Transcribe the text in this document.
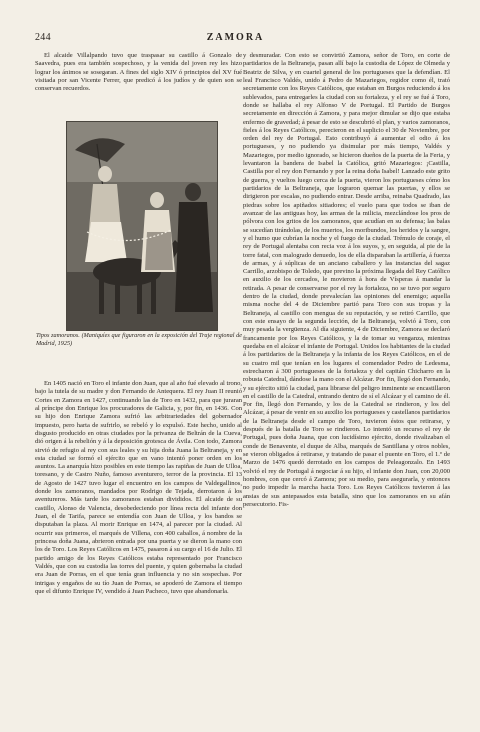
244	ZAMORA

El alcaide Villalpando tuvo que traspasar su castillo á Gonzalo de Saavedra, pues era también sospechoso, y la venida del joven rey les hizo lograr los ánimos se sosegaran. A fines del siglo XIV ó principios del XV fué visitada por san Vicente Ferrer, que predicó á los judíos y de quien son se conservan recuerdos.

Tipos zamoranos. (Maniquíes que figuraron en la exposición del Traje regional de Madrid, 1925)

En 1405 nació en Toro el infante don Juan, que al año fué elevado al trono, bajo la tutela de su madre y don Fernando de Antequera. El rey Juan II reunió Cortes en Zamora en 1427, continuando las de Toro en 1432, para que juraran al príncipe don Enrique los procuradores de Galicia, y, por fin, en 1436. Con su hijo don Enrique Zamora sufrió las arbitrariedades del gobernador impuesto, pero harta de sufrirlo, se rebeló y lo expulsó. Este hecho, unido al disgusto producido en otras ciudades por la privanza de Beltrán de la Cueva, dió origen á la rebelión y á la deposición grotesca de Ávila. Con todo, Zamora sirvió de refugio al rey con sus leales y su hija doña Juana la Beltraneja, y en esta ciudad se formó el ejército que en vano intentó poner orden en los asuntos. La anarquía hizo posibles en este tiempo las rapiñas de Juan de Ulloa, toresano, y de Castro Nuño, famoso aventurero, terror de la provincia. El 13 de Agosto de 1427 tuvo lugar el encuentro en los campos de Valdegallinos, donde los zamoranos, mandados por Rodrigo de Tejada, derrotaron á los aventureros. Más tarde los zamoranos estaban divididos. El alcaide de su castillo, Alonso de Valencia, desobedeciendo por línea recta del infante don Juan, el de Tarifa, parece se entendía con Juan de Ulloa, y los bandos se disputaban la plaza. Al morir Enrique en 1474, al parecer por la ciudad. Al ocurrir sus primeros, el marqués de Villena, con 400 caballos, á nombre de la princesa doña Juana, abrieron entrada por una puerta y se dieron la mano con los de Toro. Los Reyes Católicos en 1475, pasaron á su cargo el 16 de Julio. El partido amigo de los Reyes Católicos estaba representado por Francisco Valdés, que con su custodia las torres del puente, y quien gobernaba la ciudad era Juan de Porras, en el que tenía gran influencia y no sin sospechas. Por intrigas y engaños de su tío Juan de Porras, se apoderó de Zamora el tiempo que el difunto Enrique IV, vendido á Juan Pacheco, tuvo que abandonarla.

y desmuradar. Con esto se convirtió Zamora, señor de Toro, en corte de partidarios de la Beltraneja, pasan allí bajo la custodia de López de Olmeda y Beatriz de Silva, y en cuartel general de los portugueses que la defendían. El leal Francisco Valdés, unido á Pedro de Mazariegos, regidor como él, trató secretamente con los Reyes Católicos, que estaban en Burgos reduciendo á los sublevados, para entregarles la ciudad con su fortaleza, y el rey se fué á Toro, donde se hallaba el rey Alfonso V de Portugal. El Partido de Burgos secretamente en dirección á Zamora, y para mejor dimular se dijo que estaba enfermo de gravedad; á pesar de esto se descubrió el plan, y varios zamoranos, fieles á los Reyes Católicos, perecieron en el suplicio el 30 de Noviembre, por orden del rey de Portugal. Esto contribuyó á aumentar el odio á los portugueses, y no pudiendo ya disimular por más tiempo, Valdés y Mazariegos, por medio ignorado, se hicieron dueños de la puerta de la Feria, y levantaron la bandera de Isabel la Católica, gritó Mazariegos: ¡Castilla, Castilla por el rey don Fernando y por la reina doña Isabel! Lanzado este grito de guerra, y vueltos luego cerca de la puerta, vieron los portugueses cómo los partidarios de la Beltraneja, que lograron quemar las puertas, y ellos se dirigieron por escalas, no pudiendo entrar. Desde arriba, reinaba Quadrado, las piedras sobre los apiñados sitiadores; el vuelo para que todos se iban de avanzar de las antiguas hoy, las armas de la milicia, mezclándose los pros de pólvora con los gritos de los zamoranos, que acudían en su defensa; las balas se sucedían tirándolas, de los muertos, los moribundos, los heridos y la sangre, y el humo que cubrían la noche y el fuego de la ciudad. Trémulo de coraje, el rey de Portugal alentaba con recia voz á los suyos, y, en seguida, al pie de la torre fatal, con malogrado denuedo, los de ella disparaban la artillería, á fuerza de armas, y á súplicas de un anciano caballero y las instancias del sagaz Carrillo, arzobispo de Toledo, que previno la próxima llegada del Rey Católico en auxilio de los cercados, le movieron á hora de Vísperas á mandar la retirada. A pesar de conservarse por el rey la fortaleza, no se tuvo por seguro dentro de la ciudad, donde prevalecían las opiniones del enemigo; aquella misma noche del 4 de Diciembre partió para Toro con sus tropas y la Beltraneja, al castillo con mengua de su reputación, y se retiró Carrillo, que con este ensayo de la segunda lección, de la Beltraneja, volvió á Toro, con muy pesada la vergüenza. Al día siguiente, 4 de Diciembre, Zamora se declaró francamente por los Reyes Católicos, y la de tomar su venganza, mientras quedaba en el alcázar el infante de Portugal. Unidos los habitantes de la ciudad á los partidarios de la Beltraneja y la infanta de los Reyes Católicos, en el de su cuatro mil que tenían en los lugares el comendador Pedro de Ledesma, estrecharon á 300 portugueses de la fortaleza y del capitán Chicharro en la robusta Catedral, dándose la mano con el Alcázar. Por fin, llegó don Fernando, y su ejército sitió la ciudad, para librarse del peligro inminente se encastillaron en el castillo de la Catedral, entrando dentro de sí el Alcázar y el camino de él. Por fin, llegó don Fernando, y los de la Catedral se rindieron, y los del Alcázar, á pesar de venir en su auxilio los portugueses y castellanos partidarios de la Beltraneja desde el campo de Toro, tuvieron éstos que retirarse, y después de la batalla de Toro se rindieron. Lo intentó un recurso el rey de Portugal, pues doña Juana, que con lucidísimo ejército, donde rivalizaban el conde de Benavente, el duque de Alba, marqués de Santillana y otros nobles, se vieron obligados á retirarse, y tratando de pasar el puente en Toro, el 1.º de Marzo de 1476 quedó derrotado en los campos de Peleagonzalo. En 1493 volvió el rey de Portugal á negociar á su hijo, el infante don Juan, con 20,000 hombres, con que cercó á Zamora; por su medio, para asegurarla, y entonces no pudo impedir la marcha hacia Toro. Los Reyes Católicos tuvieron á las ansias de sus antepasados esta batalla, sino que los zamoranos en su afán persecutorio. Fis-
